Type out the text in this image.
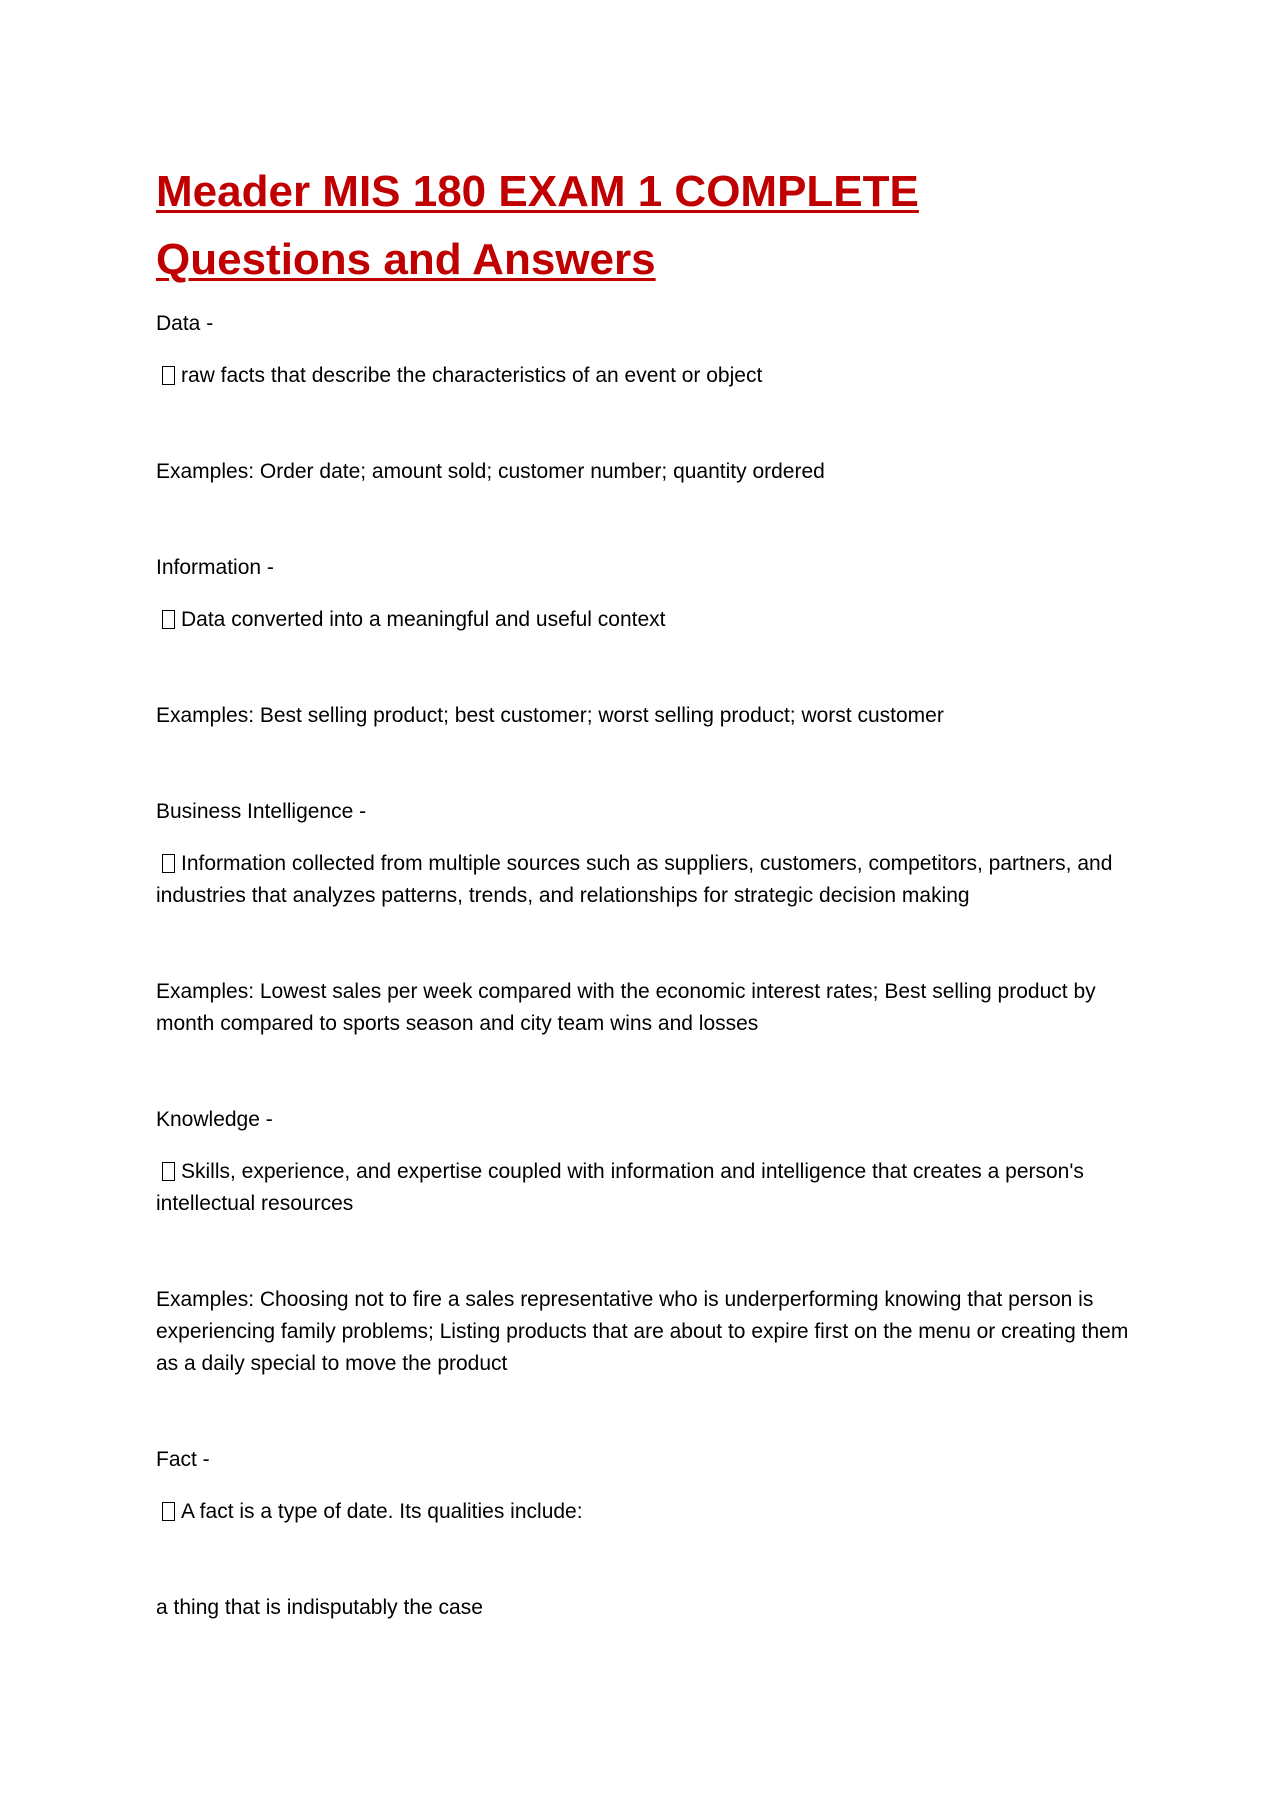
Meader MIS 180 EXAM 1 COMPLETE
Questions and Answers
Data -
raw facts that describe the characteristics of an event or object
Examples: Order date; amount sold; customer number; quantity ordered
Information -
Data converted into a meaningful and useful context
Examples: Best selling product; best customer; worst selling product; worst customer
Business Intelligence -
Information collected from multiple sources such as suppliers, customers, competitors, partners, and industries that analyzes patterns, trends, and relationships for strategic decision making
Examples: Lowest sales per week compared with the economic interest rates; Best selling product by month compared to sports season and city team wins and losses
Knowledge -
Skills, experience, and expertise coupled with information and intelligence that creates a person's intellectual resources
Examples: Choosing not to fire a sales representative who is underperforming knowing that person is experiencing family problems; Listing products that are about to expire first on the menu or creating them as a daily special to move the product
Fact -
A fact is a type of date. Its qualities include:
a thing that is indisputably the case
